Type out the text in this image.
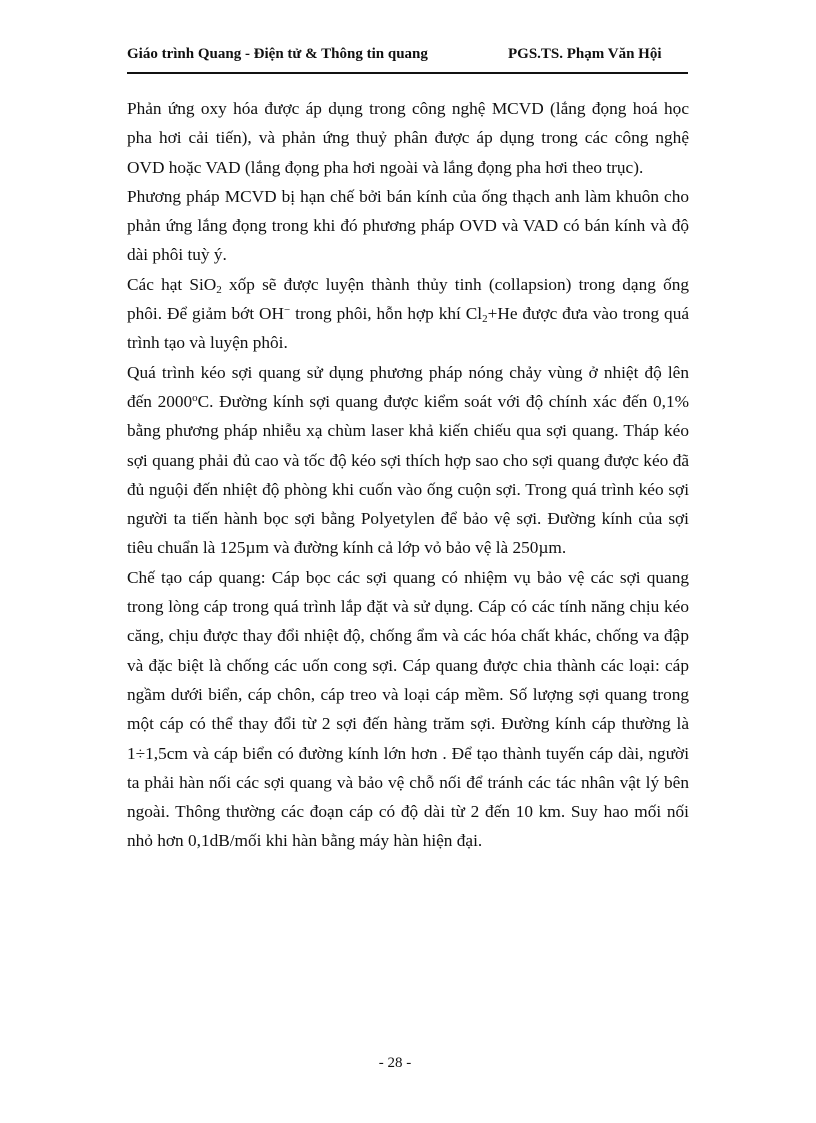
Giáo trình Quang - Điện tử & Thông tin quang	PGS.TS. Phạm Văn Hội

Phản ứng oxy hóa được áp dụng trong công nghệ MCVD (lắng đọng hoá học pha hơi cải tiến), và phản ứng thuỷ phân được áp dụng trong các công nghệ OVD hoặc VAD (lắng đọng pha hơi ngoài và lắng đọng pha hơi theo trục).

Phương pháp MCVD bị hạn chế bởi bán kính của ống thạch anh làm khuôn cho phản ứng lắng đọng trong khi đó phương pháp OVD và VAD có bán kính và độ dài phôi tuỳ ý.

Các hạt SiO$_2$ xốp sẽ được luyện thành thủy tinh (collapsion) trong dạng ống phôi. Để giảm bớt OH− trong phôi, hỗn hợp khí $Cl_2+He$ được đưa vào trong quá trình tạo và luyện phôi.

Quá trình kéo sợi quang sử dụng phương pháp nóng chảy vùng ở nhiệt độ lên đến 2000$^o$C. Đường kính sợi quang được kiểm soát với độ chính xác đến 0,1% bằng phương pháp nhiễu xạ chùm laser khả kiến chiếu qua sợi quang. Tháp kéo sợi quang phải đủ cao và tốc độ kéo sợi thích hợp sao cho sợi quang được kéo đã đủ nguội đến nhiệt độ phòng khi cuốn vào ống cuộn sợi. Trong quá trình kéo sợi người ta tiến hành bọc sợi bằng Polyetylen để bảo vệ sợi. Đường kính của sợi tiêu chuẩn là 125µm và đường kính cả lớp vỏ bảo vệ là 250µm.

Chế tạo cáp quang: Cáp bọc các sợi quang có nhiệm vụ bảo vệ các sợi quang trong lòng cáp trong quá trình lắp đặt và sử dụng. Cáp có các tính năng chịu kéo căng, chịu được thay đổi nhiệt độ, chống ẩm và các hóa chất khác, chống va đập và đặc biệt là chống các uốn cong sợi. Cáp quang được chia thành các loại: cáp ngầm dưới biển, cáp chôn, cáp treo và loại cáp mềm. Số lượng sợi quang trong một cáp có thể thay đổi từ 2 sợi đến hàng trăm sợi. Đường kính cáp thường là 1÷1,5cm và cáp biển có đường kính lớn hơn . Để tạo thành tuyến cáp dài, người ta phải hàn nối các sợi quang và bảo vệ chỗ nối để tránh các tác nhân vật lý bên ngoài. Thông thường các đoạn cáp có độ dài từ 2 đến 10 km. Suy hao mối nối nhỏ hơn 0,1dB/mối khi hàn bằng máy hàn hiện đại.

- 28 -
